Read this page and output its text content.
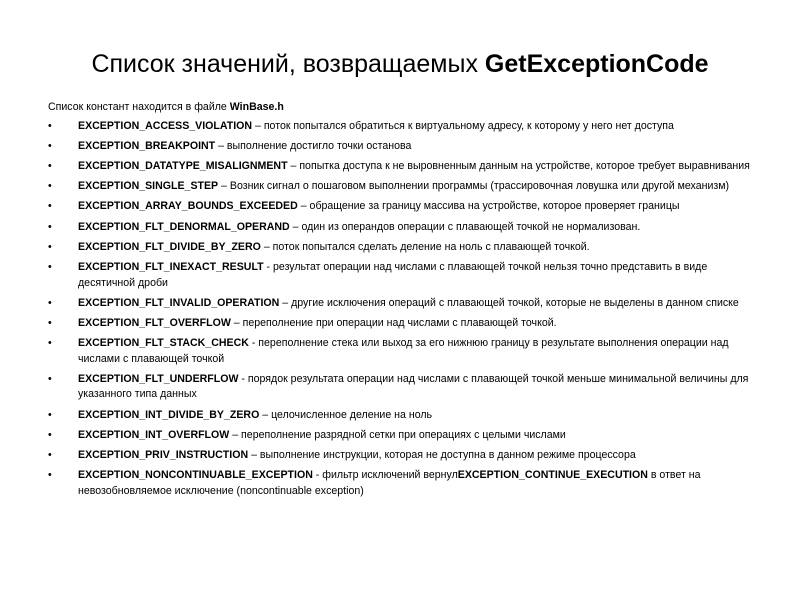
Список значений, возвращаемых GetExceptionCode
Список констант находится в файле WinBase.h
• EXCEPTION_ACCESS_VIOLATION – поток попытался обратиться к виртуальному адресу, к которому у него нет доступа
• EXCEPTION_BREAKPOINT – выполнение достигло точки останова
• EXCEPTION_DATATYPE_MISALIGNMENT – попытка доступа к не выровненным данным на устройстве, которое требует выравнивания
• EXCEPTION_SINGLE_STEP – Возник сигнал о пошаговом выполнении программы (трассировочная ловушка или другой механизм)
• EXCEPTION_ARRAY_BOUNDS_EXCEEDED – обращение за границу массива на устройстве, которое проверяет границы
• EXCEPTION_FLT_DENORMAL_OPERAND – один из операндов операции с плавающей точкой не нормализован.
• EXCEPTION_FLT_DIVIDE_BY_ZERO – поток попытался сделать деление на ноль с плавающей точкой.
• EXCEPTION_FLT_INEXACT_RESULT - результат операции над числами с плавающей точкой нельзя точно представить в виде десятичной дроби
• EXCEPTION_FLT_INVALID_OPERATION – другие исключения операций с плавающей точкой, которые не выделены в данном списке
• EXCEPTION_FLT_OVERFLOW – переполнение при операции над числами с плавающей точкой.
• EXCEPTION_FLT_STACK_CHECK - переполнение стека или выход за его нижнюю границу в результате выполнения операции над числами с плавающей точкой
• EXCEPTION_FLT_UNDERFLOW - порядок результата операции над числами с плавающей точкой меньше минимальной величины для указанного типа данных
• EXCEPTION_INT_DIVIDE_BY_ZERO – целочисленное деление на ноль
• EXCEPTION_INT_OVERFLOW – переполнение разрядной сетки при операциях с целыми числами
• EXCEPTION_PRIV_INSTRUCTION – выполнение инструкции, которая не доступна в данном режиме процессора
• EXCEPTION_NONCONTINUABLE_EXCEPTION - фильтр исключений вернулEXCEPTION_CONTINUE_EXECUTION в ответ на невозобновляемое исключение (noncontinuable exception)
